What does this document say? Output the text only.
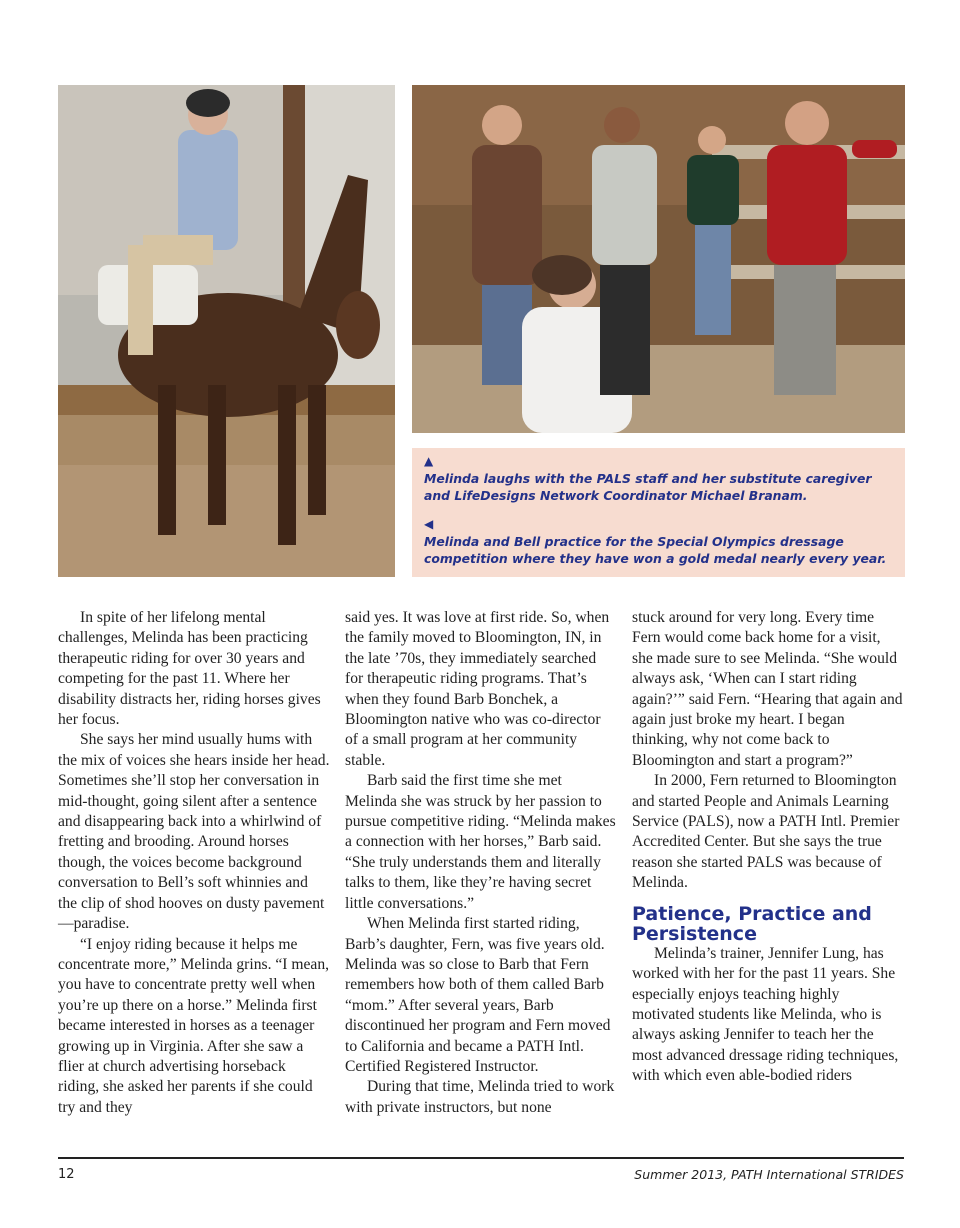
▲
Melinda laughs with the PALS staff and her substitute caregiver and LifeDesigns Network Coordinator Michael Branam.
◀
Melinda and Bell practice for the Special Olympics dressage competition where they have won a gold medal nearly every year.

In spite of her lifelong mental challenges, Melinda has been practicing therapeutic riding for over 30 years and competing for the past 11. Where her disability distracts her, riding horses gives her focus.

She says her mind usually hums with the mix of voices she hears inside her head. Sometimes she’ll stop her conversation in mid-thought, going silent after a sentence and disappearing back into a whirlwind of fretting and brooding. Around horses though, the voices become background conversation to Bell’s soft whinnies and the clip of shod hooves on dusty pavement—paradise.

“I enjoy riding because it helps me concentrate more,” Melinda grins. “I mean, you have to concentrate pretty well when you’re up there on a horse.” Melinda first became interested in horses as a teenager growing up in Virginia. After she saw a flier at church advertising horseback riding, she asked her parents if she could try and they

said yes. It was love at first ride. So, when the family moved to Bloomington, IN, in the late ’70s, they immediately searched for therapeutic riding programs. That’s when they found Barb Bonchek, a Bloomington native who was co-director of a small program at her community stable.

Barb said the first time she met Melinda she was struck by her passion to pursue competitive riding. “Melinda makes a connection with her horses,” Barb said. “She truly understands them and literally talks to them, like they’re having secret little conversations.”

When Melinda first started riding, Barb’s daughter, Fern, was five years old. Melinda was so close to Barb that Fern remembers how both of them called Barb “mom.” After several years, Barb discontinued her program and Fern moved to California and became a PATH Intl. Certified Registered Instructor.

During that time, Melinda tried to work with private instructors, but none

stuck around for very long. Every time Fern would come back home for a visit, she made sure to see Melinda. “She would always ask, ‘When can I start riding again?’” said Fern. “Hearing that again and again just broke my heart. I began thinking, why not come back to Bloomington and start a program?”

In 2000, Fern returned to Bloomington and started People and Animals Learning Service (PALS), now a PATH Intl. Premier Accredited Center. But she says the true reason she started PALS was because of Melinda.

Patience, Practice and Persistence

Melinda’s trainer, Jennifer Lung, has worked with her for the past 11 years. She especially enjoys teaching highly motivated students like Melinda, who is always asking Jennifer to teach her the most advanced dressage riding techniques, with which even able-bodied riders

12	Summer 2013, PATH International STRIDES
